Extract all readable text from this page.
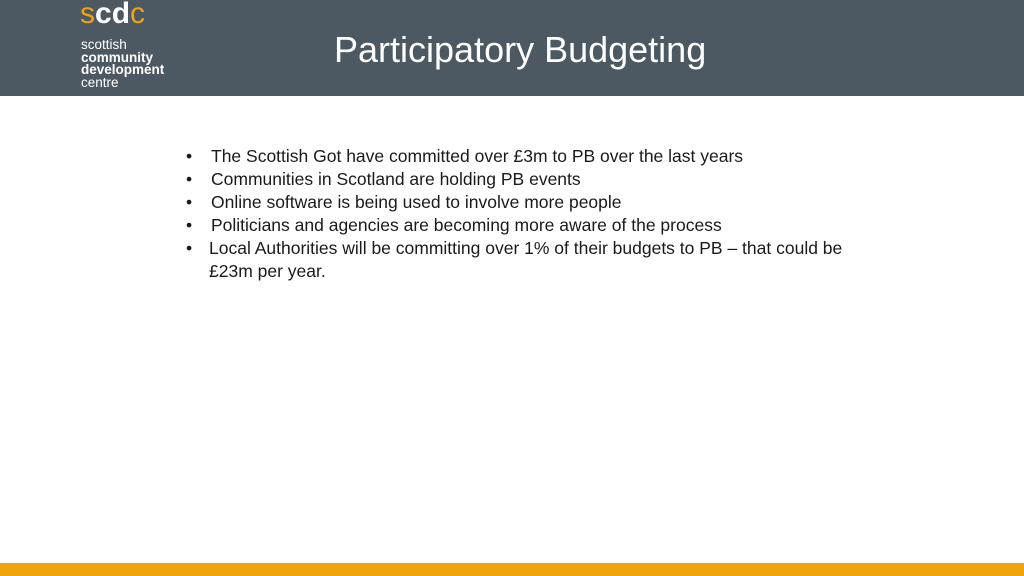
scdc
scottish
community
development
centre
Participatory Budgeting
•	The Scottish Got have committed over £3m to PB over the last years
•	Communities in Scotland are holding PB events
•	Online software is being used to involve more people
•	Politicians and agencies are becoming more aware of the process
• Local Authorities will be committing over 1% of their budgets to PB – that could be £23m per year.
